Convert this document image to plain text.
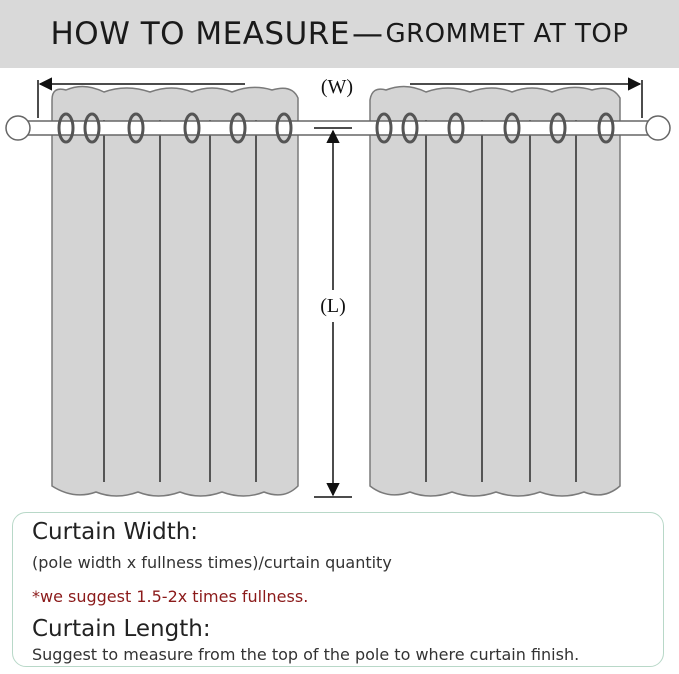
HOW TO MEASURE — GROMMET AT TOP
(W)
(L)
Curtain Width:
(pole width x fullness times)/curtain quantity
*we suggest 1.5-2x times fullness.
Curtain Length:
Suggest to measure from the top of the pole to where curtain finish.
